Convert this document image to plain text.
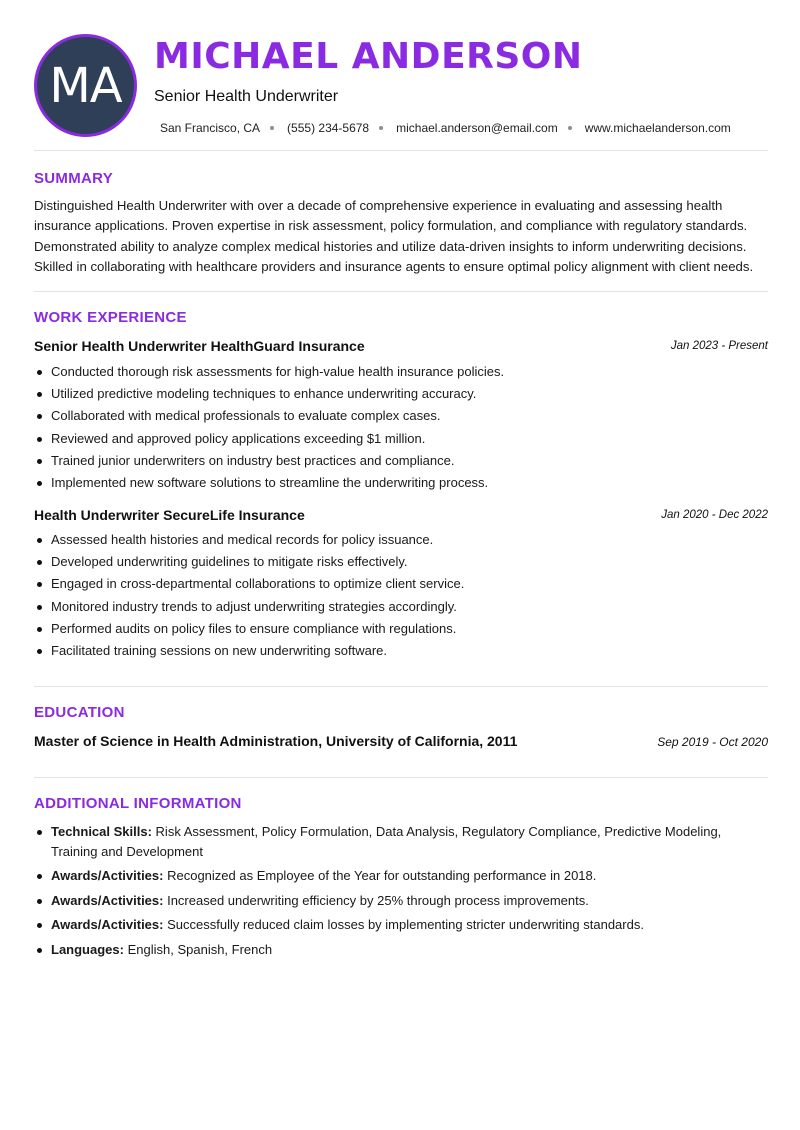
MA
MICHAEL ANDERSON
Senior Health Underwriter
San Francisco, CA (555) 234-5678 michael.anderson@email.com www.michaelanderson.com
SUMMARY

Distinguished Health Underwriter with over a decade of comprehensive experience in evaluating and assessing health insurance applications. Proven expertise in risk assessment, policy formulation, and compliance with regulatory standards. Demonstrated ability to analyze complex medical histories and utilize data-driven insights to inform underwriting decisions. Skilled in collaborating with healthcare providers and insurance agents to ensure optimal policy alignment with client needs.

WORK EXPERIENCE
Senior Health Underwriter HealthGuard Insurance	Jan 2023 - Present
Conducted thorough risk assessments for high-value health insurance policies.
Utilized predictive modeling techniques to enhance underwriting accuracy.
Collaborated with medical professionals to evaluate complex cases.
Reviewed and approved policy applications exceeding $1 million.
Trained junior underwriters on industry best practices and compliance.
Implemented new software solutions to streamline the underwriting process.
Health Underwriter SecureLife Insurance	Jan 2020 - Dec 2022
Assessed health histories and medical records for policy issuance.
Developed underwriting guidelines to mitigate risks effectively.
Engaged in cross-departmental collaborations to optimize client service.
Monitored industry trends to adjust underwriting strategies accordingly.
Performed audits on policy files to ensure compliance with regulations.
Facilitated training sessions on new underwriting software.
EDUCATION
Master of Science in Health Administration, University of California, 2011	Sep 2019 - Oct 2020
ADDITIONAL INFORMATION
Technical Skills: Risk Assessment, Policy Formulation, Data Analysis, Regulatory Compliance, Predictive Modeling, Training and Development
Awards/Activities: Recognized as Employee of the Year for outstanding performance in 2018.
Awards/Activities: Increased underwriting efficiency by 25% through process improvements.
Awards/Activities: Successfully reduced claim losses by implementing stricter underwriting standards.
Languages: English, Spanish, French
